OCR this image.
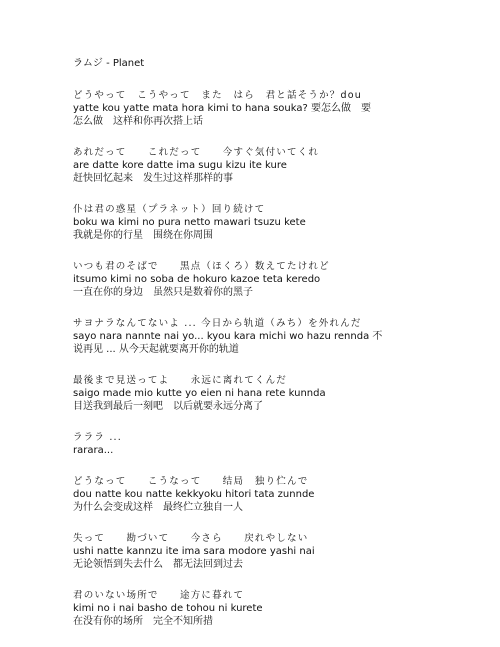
ラムジ - Planet
どうやって　こうやって　また　はら　君と話そうか？dou
yatte kou yatte mata hora kimi to hana souka? 要怎么做　要
怎么做　这样和你再次搭上话
あれだって　　これだって　　今すぐ気付いてくれ
are datte kore datte ima sugu kizu ite kure
赶快回忆起来　发生过这样那样的事
仆は君の惑星（プラネット）回り続けて
boku wa kimi no pura netto mawari tsuzu kete
我就是你的行星　围绕在你周围
いつも君のそばで　　黒点（ほくろ）数えてたけれど
itsumo kimi no soba de hokuro kazoe teta keredo
一直在你的身边　虽然只是数着你的黑子
サヨナラなんてないよ ... 今日から轨道（みち）を外れんだ
sayo nara nannte nai yo... kyou kara michi wo hazu rennda 不
说再见 ... 从今天起就要离开你的轨道
最後まで見送ってよ　　永远に离れてくんだ
saigo made mio kutte yo eien ni hana rete kunnda
目送我到最后一刻吧　以后就要永远分离了
ラララ ...
rarara...
どうなって　　こうなって　　结局　独り伫んで
dou natte kou natte kekkyoku hitori tata zunnde
为什么会变成这样　最终伫立独自一人
失って　　勘づいて　　今さら　　戻れやしない
ushi natte kannzu ite ima sara modore yashi nai
无论领悟到失去什么　都无法回到过去
君のいない场所で　　途方に暮れて
kimi no i nai basho de tohou ni kurete
在没有你的场所　完全不知所措
